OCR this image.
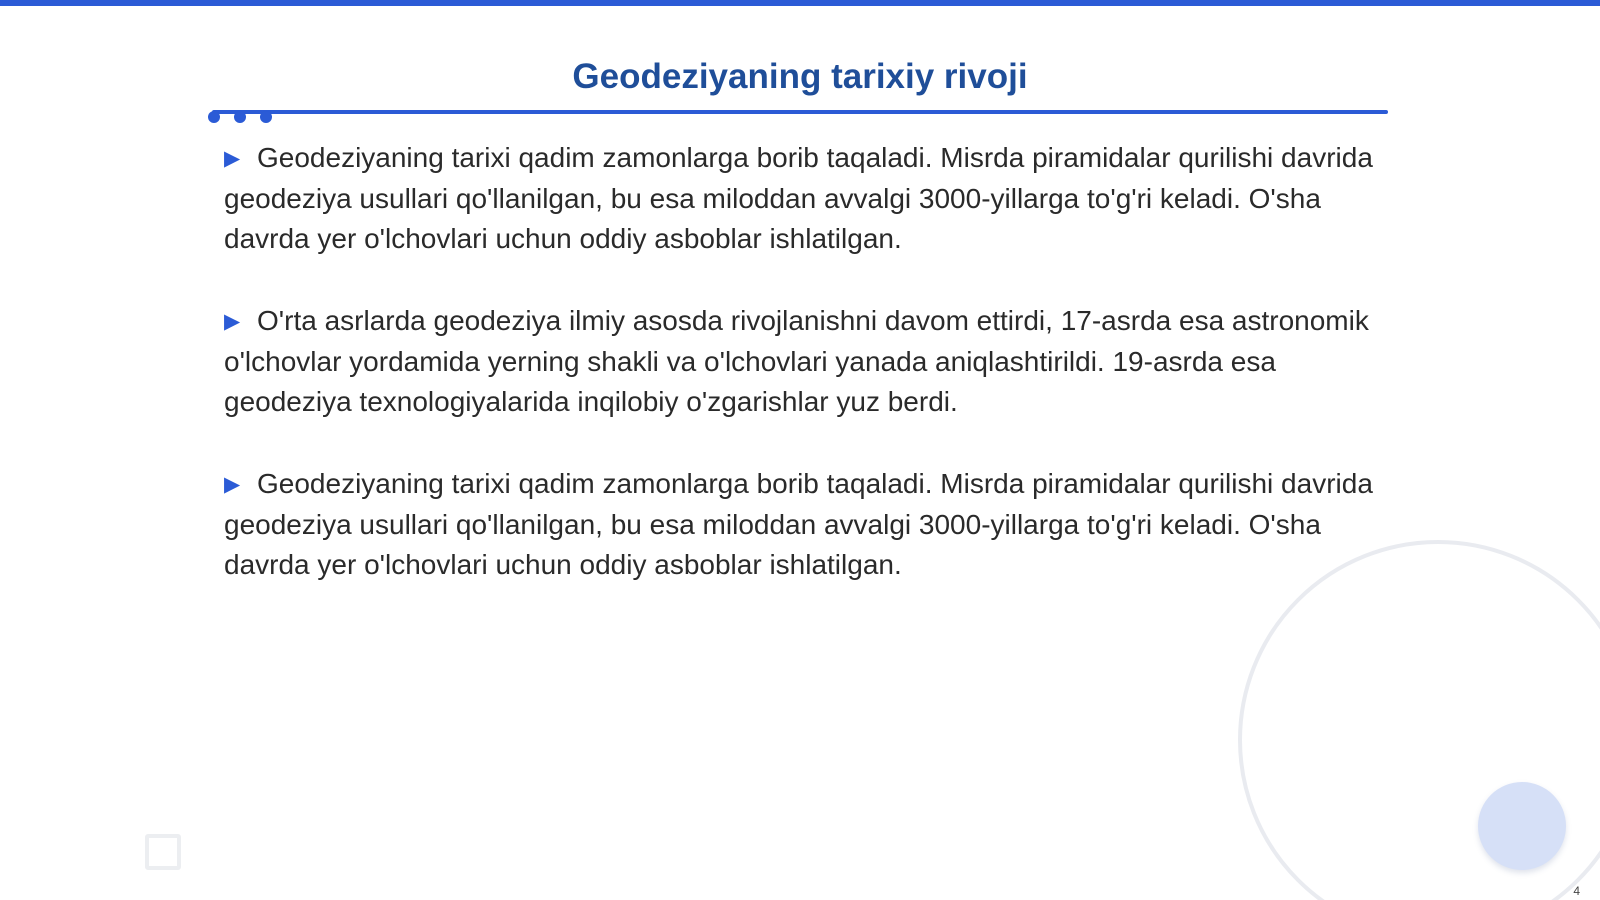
Geodeziyaning tarixiy rivoji
▶ Geodeziyaning tarixi qadim zamonlarga borib taqaladi. Misrda piramidalar qurilishi davrida geodeziya usullari qo'llanilgan, bu esa miloddan avvalgi 3000-yillarga to'g'ri keladi. O'sha davrda yer o'lchovlari uchun oddiy asboblar ishlatilgan.
▶ O'rta asrlarda geodeziya ilmiy asosda rivojlanishni davom ettirdi, 17-asrda esa astronomik o'lchovlar yordamida yerning shakli va o'lchovlari yanada aniqlashtirildi. 19-asrda esa geodeziya texnologiyalarida inqilobiy o'zgarishlar yuz berdi.
▶ Geodeziyaning tarixi qadim zamonlarga borib taqaladi. Misrda piramidalar qurilishi davrida geodeziya usullari qo'llanilgan, bu esa miloddan avvalgi 3000-yillarga to'g'ri keladi. O'sha davrda yer o'lchovlari uchun oddiy asboblar ishlatilgan.
4
